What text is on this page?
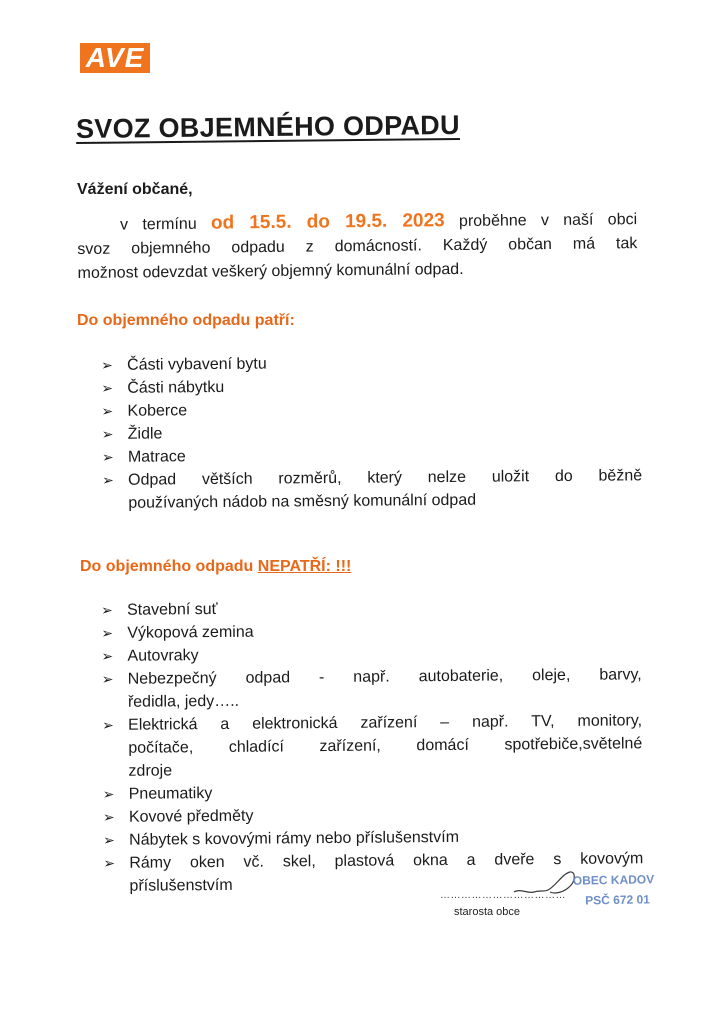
AVE
SVOZ OBJEMNÉHO ODPADU
Vážení občané,
v termínu od 15.5. do 19.5. 2023 proběhne v naší obci
svoz objemného odpadu z domácností. Každý občan má tak
možnost odevzdat veškerý objemný komunální odpad.
Do objemného odpadu patří:
➢ Části vybavení bytu
➢ Části nábytku
➢ Koberce
➢ Židle
➢ Matrace
➢ Odpad větších rozměrů, který nelze uložit do běžně
používaných nádob na směsný komunální odpad
Do objemného odpadu NEPATŘÍ: !!!
➢ Stavební suť
➢ Výkopová zemina
➢ Autovraky
➢ Nebezpečný odpad - např. autobaterie, oleje, barvy,
ředidla, jedy…..
➢ Elektrická a elektronická zařízení – např. TV, monitory,
počítače, chladící zařízení, domácí spotřebiče,světelné
zdroje
➢ Pneumatiky
➢ Kovové předměty
➢ Nábytek s kovovými rámy nebo příslušenstvím
➢ Rámy oken vč. skel, plastová okna a dveře s kovovým
příslušenstvím
………………………………
starosta obce
OBEC KADOV
PSČ 672 01
